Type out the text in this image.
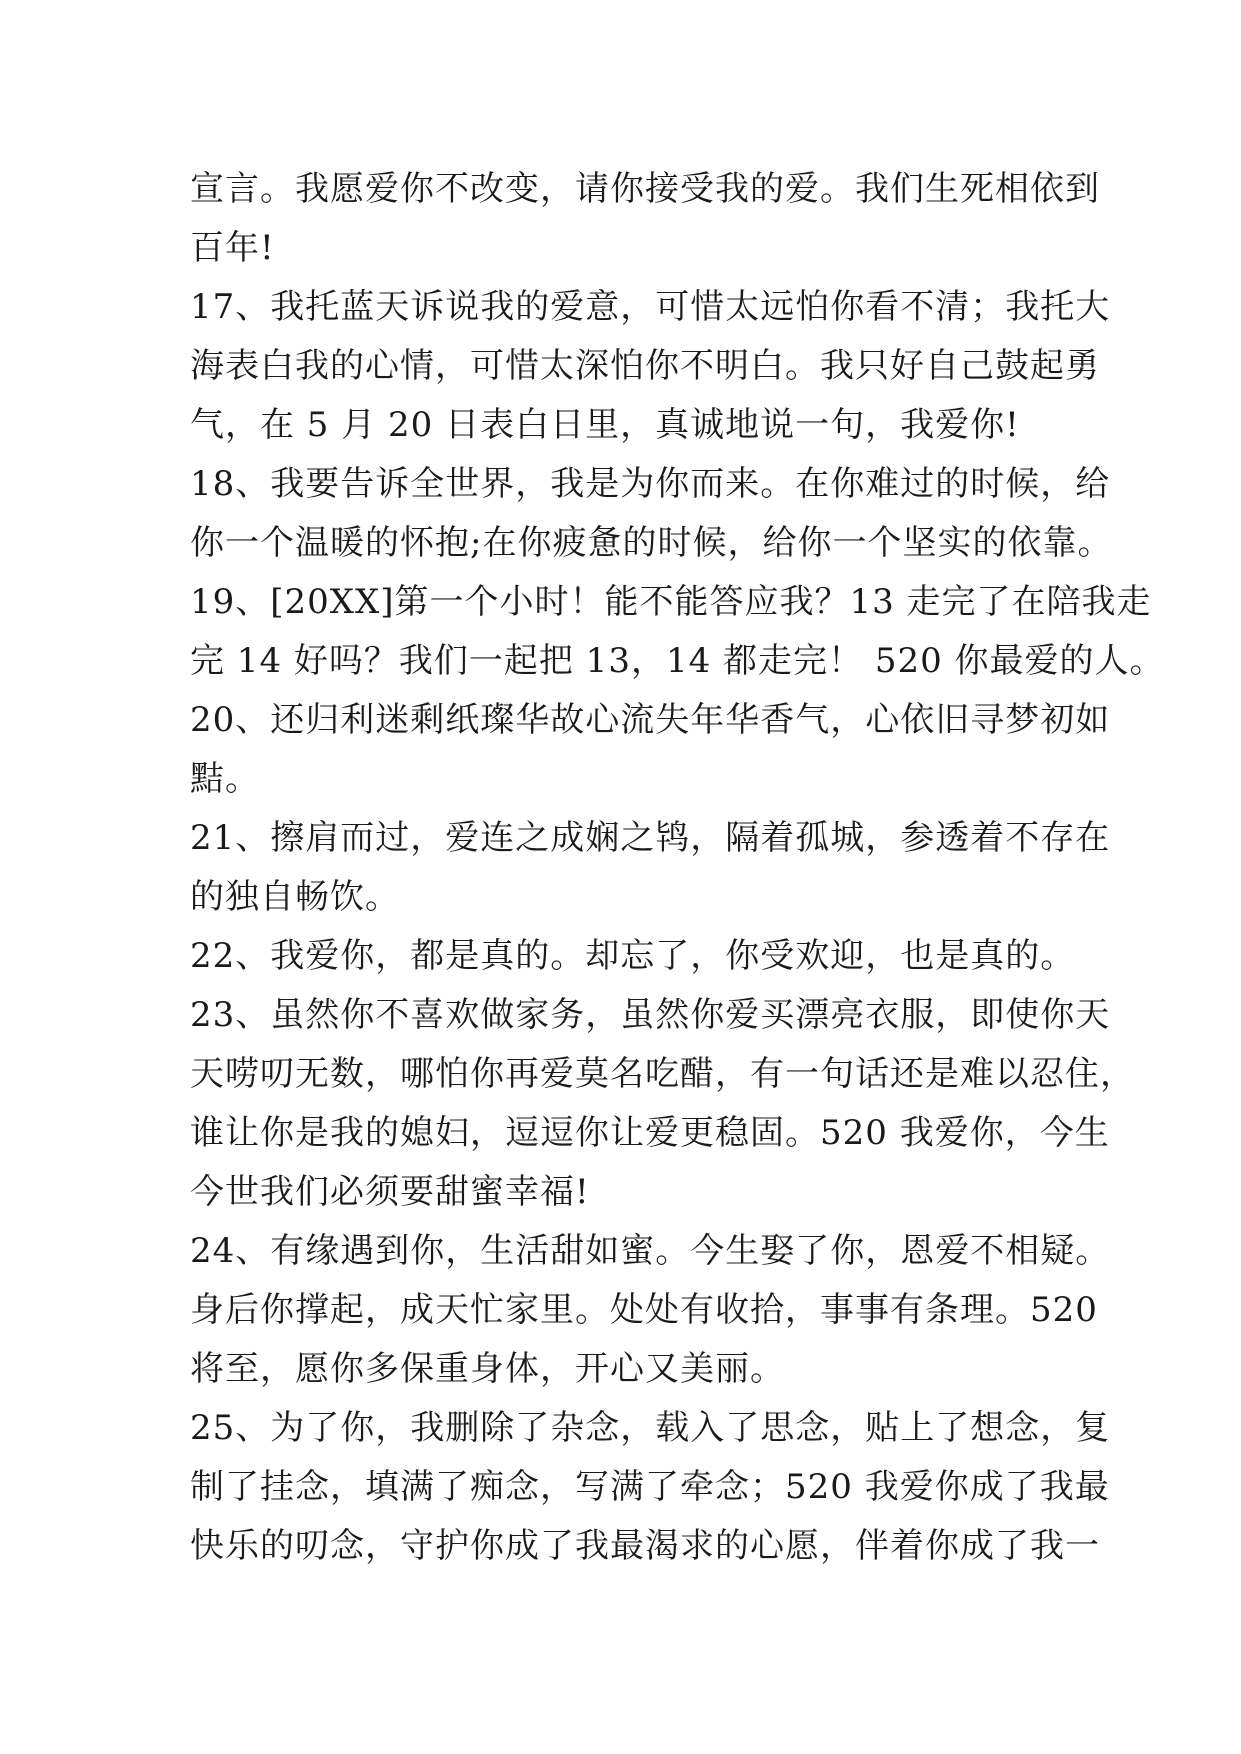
宣言。我愿爱你不改变，请你接受我的爱。我们生死相依到
百年!
17、我托蓝天诉说我的爱意，可惜太远怕你看不清；我托大
海表白我的心情，可惜太深怕你不明白。我只好自己鼓起勇
气，在 5 月 20 日表白日里，真诚地说一句，我爱你!
18、我要告诉全世界，我是为你而来。在你难过的时候，给
你一个温暖的怀抱;在你疲惫的时候，给你一个坚实的依靠。
19、[20XX]第一个小时！能不能答应我？13 走完了在陪我走
完 14 好吗？我们一起把 13，14 都走完！ 520 你最爱的人。
20、还归利迷剩纸璨华故心流失年华香气，心依旧寻梦初如
黠。
21、擦肩而过，爱连之成娴之鸨，隔着孤城，参透着不存在
的独自畅饮。
22、我爱你，都是真的。却忘了，你受欢迎，也是真的。
23、虽然你不喜欢做家务，虽然你爱买漂亮衣服，即使你天
天唠叨无数，哪怕你再爱莫名吃醋，有一句话还是难以忍住，
谁让你是我的媳妇，逗逗你让爱更稳固。520 我爱你，今生
今世我们必须要甜蜜幸福!
24、有缘遇到你，生活甜如蜜。今生娶了你，恩爱不相疑。
身后你撑起，成天忙家里。处处有收拾，事事有条理。520
将至，愿你多保重身体，开心又美丽。
25、为了你，我删除了杂念，载入了思念，贴上了想念，复
制了挂念，填满了痴念，写满了牵念；520 我爱你成了我最
快乐的叨念，守护你成了我最渴求的心愿，伴着你成了我一
